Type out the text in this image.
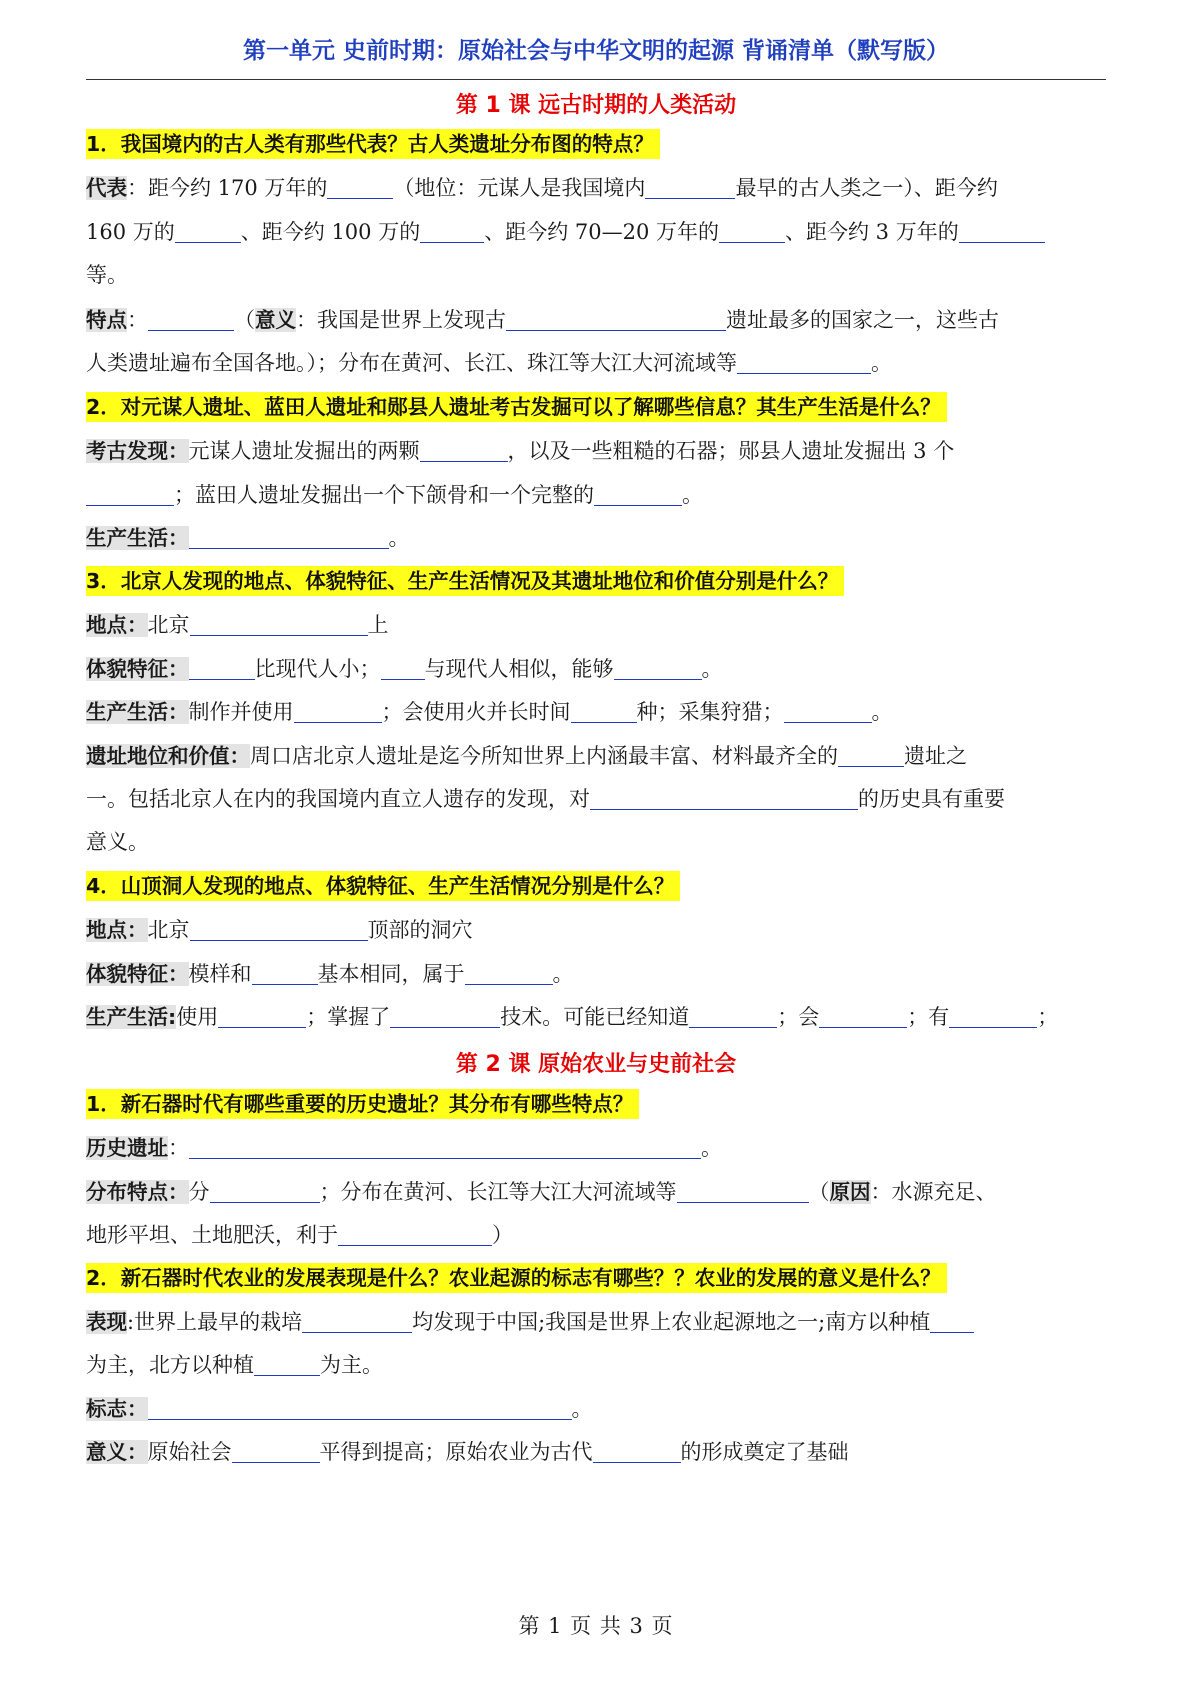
第一单元 史前时期：原始社会与中华文明的起源 背诵清单（默写版）
第 1 课 远古时期的人类活动
1．我国境内的古人类有那些代表？古人类遗址分布图的特点？
代表：距今约 170 万年的	（地位：元谋人是我国境内	最早的古人类之一）、距今约
160 万的	、距今约 100 万的	、距今约 70—20 万年的	、距今约 3 万年的
等。
特点：	（意义：我国是世界上发现古	遗址最多的国家之一，这些古
人类遗址遍布全国各地。）；分布在黄河、长江、珠江等大江大河流域等	。
2．对元谋人遗址、蓝田人遗址和郧县人遗址考古发掘可以了解哪些信息？其生产生活是什么？
考古发现：元谋人遗址发掘出的两颗	，以及一些粗糙的石器；郧县人遗址发掘出 3 个
；蓝田人遗址发掘出一个下颌骨和一个完整的	。
生产生活：	。
3．北京人发现的地点、体貌特征、生产生活情况及其遗址地位和价值分别是什么？
地点：北京	上
体貌特征：	比现代人小； 与现代人相似，能够	。
生产生活：制作并使用	；会使用火并长时间	种；采集狩猎；	。
遗址地位和价值：周口店北京人遗址是迄今所知世界上内涵最丰富、材料最齐全的	遗址之
一。包括北京人在内的我国境内直立人遗存的发现，对	的历史具有重要
意义。
4．山顶洞人发现的地点、体貌特征、生产生活情况分别是什么？
地点：北京	顶部的洞穴
体貌特征：模样和	基本相同，属于	。
生产生活:使用	；掌握了	技术。可能已经知道	；会	；有	；
第 2 课 原始农业与史前社会
1．新石器时代有哪些重要的历史遗址？其分布有哪些特点？
历史遗址：	。
分布特点：分	；分布在黄河、长江等大江大河流域等	（原因：水源充足、
地形平坦、土地肥沃，利于	）
2．新石器时代农业的发展表现是什么？农业起源的标志有哪些？？农业的发展的意义是什么？
表现:世界上最早的栽培	均发现于中国;我国是世界上农业起源地之一;南方以种植
为主，北方以种植	为主。
标志：	。
意义：原始社会	平得到提高；原始农业为古代	的形成奠定了基础
第 1 页 共 3 页
